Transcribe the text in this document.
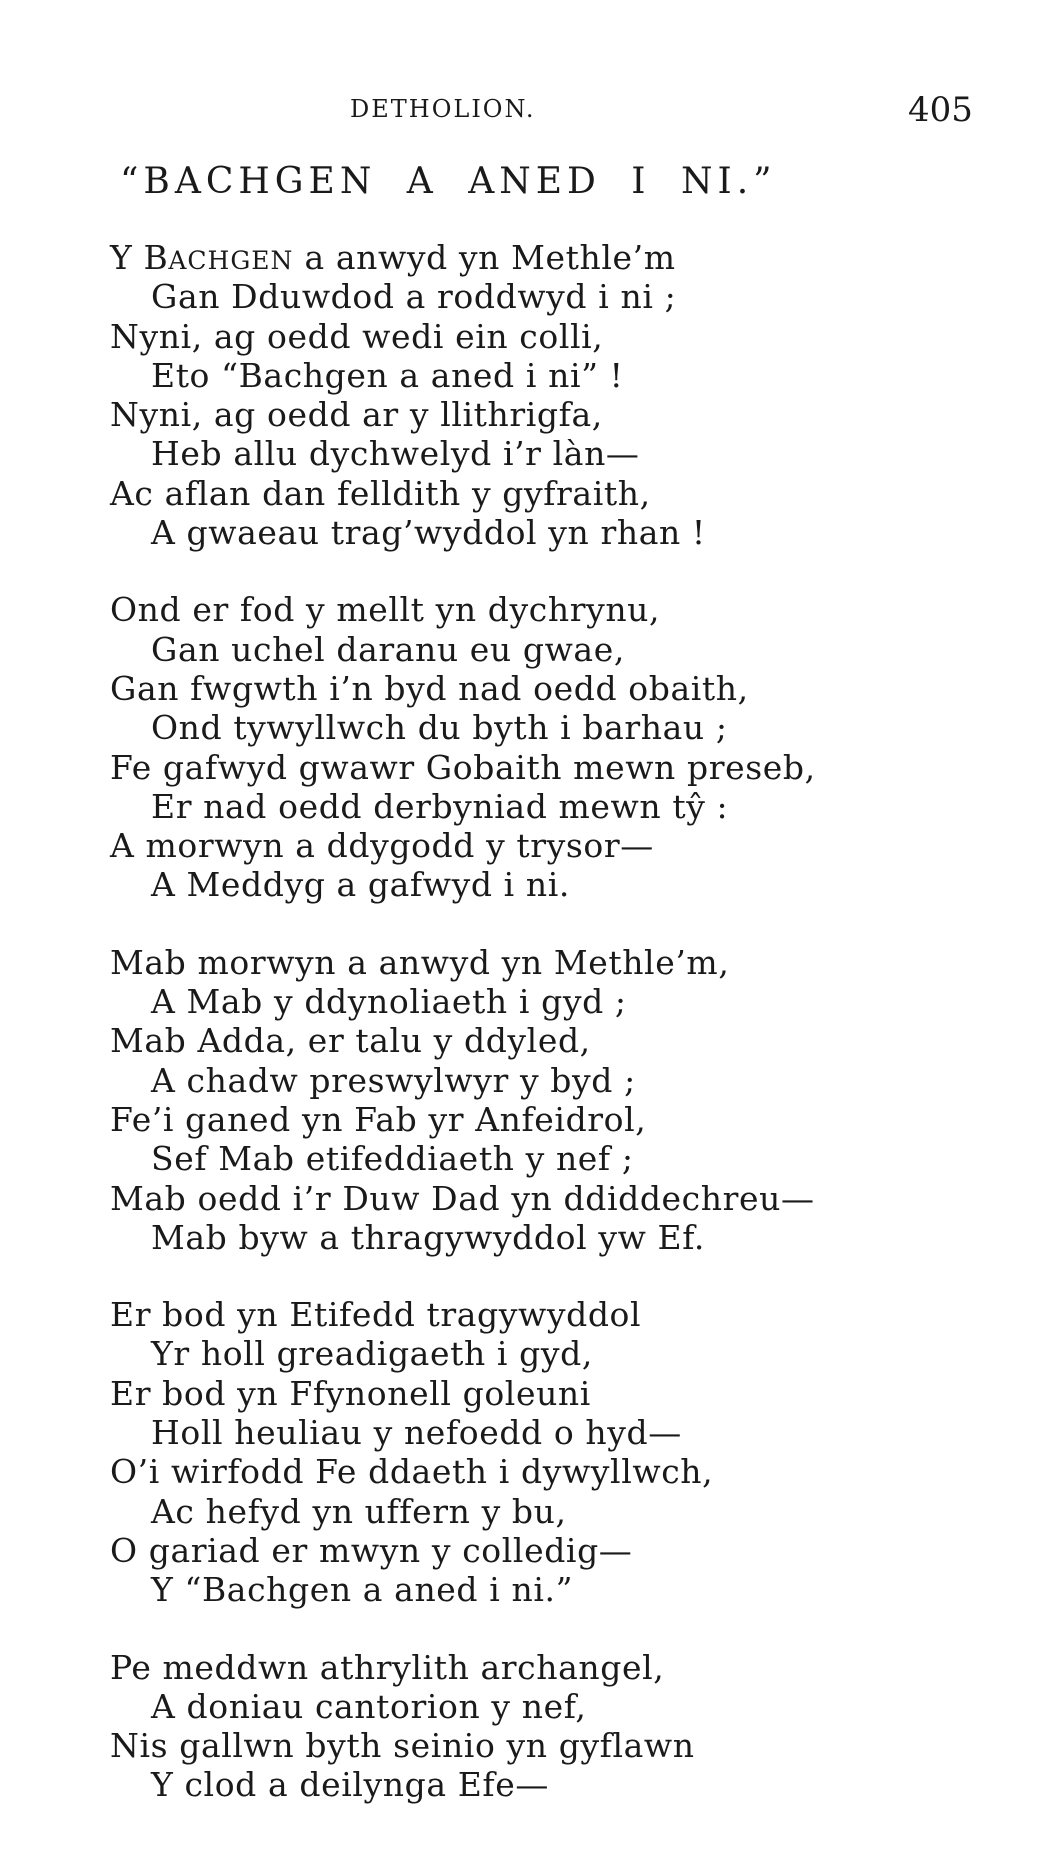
DETHOLION.	405
“BACHGEN A ANED I NI.”
Y BACHGEN a anwyd yn Methle’m
Gan Dduwdod a roddwyd i ni ;
Nyni, ag oedd wedi ein colli,
Eto “Bachgen a aned i ni” !
Nyni, ag oedd ar y llithrigfa,
Heb allu dychwelyd i’r làn—
Ac aflan dan felldith y gyfraith,
A gwaeau trag’wyddol yn rhan !
Ond er fod y mellt yn dychrynu,
Gan uchel daranu eu gwae,
Gan fwgwth i’n byd nad oedd obaith,
Ond tywyllwch du byth i barhau ;
Fe gafwyd gwawr Gobaith mewn preseb,
Er nad oedd derbyniad mewn tŷ :
A morwyn a ddygodd y trysor—
A Meddyg a gafwyd i ni.
Mab morwyn a anwyd yn Methle’m,
A Mab y ddynoliaeth i gyd ;
Mab Adda, er talu y ddyled,
A chadw preswylwyr y byd ;
Fe’i ganed yn Fab yr Anfeidrol,
Sef Mab etifeddiaeth y nef ;
Mab oedd i’r Duw Dad yn ddiddechreu—
Mab byw a thragywyddol yw Ef.
Er bod yn Etifedd tragywyddol
Yr holl greadigaeth i gyd,
Er bod yn Ffynonell goleuni
Holl heuliau y nefoedd o hyd—
O’i wirfodd Fe ddaeth i dywyllwch,
Ac hefyd yn uffern y bu,
O gariad er mwyn y colledig—
Y “Bachgen a aned i ni.”
Pe meddwn athrylith archangel,
A doniau cantorion y nef,
Nis gallwn byth seinio yn gyflawn
Y clod a deilynga Efe—
